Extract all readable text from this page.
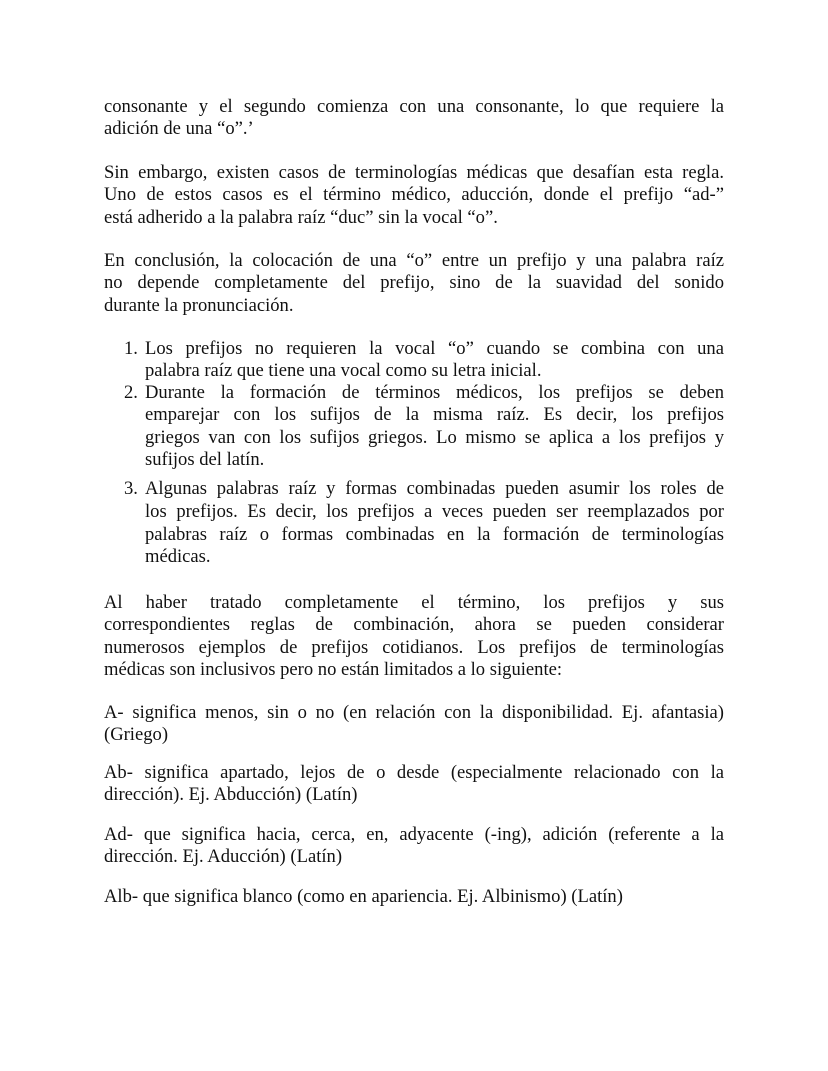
consonante y el segundo comienza con una consonante, lo que requiere la
adición de una “o”.’
Sin embargo, existen casos de terminologías médicas que desafían esta regla.
Uno de estos casos es el término médico, aducción, donde el prefijo “ad-”
está adherido a la palabra raíz “duc” sin la vocal “o”.
En conclusión, la colocación de una “o” entre un prefijo y una palabra raíz
no depende completamente del prefijo, sino de la suavidad del sonido
durante la pronunciación.
1. Los prefijos no requieren la vocal “o” cuando se combina con una
palabra raíz que tiene una vocal como su letra inicial.
2. Durante la formación de términos médicos, los prefijos se deben
emparejar con los sufijos de la misma raíz. Es decir, los prefijos
griegos van con los sufijos griegos. Lo mismo se aplica a los prefijos y
sufijos del latín.
3. Algunas palabras raíz y formas combinadas pueden asumir los roles de
los prefijos. Es decir, los prefijos a veces pueden ser reemplazados por
palabras raíz o formas combinadas en la formación de terminologías
médicas.
Al haber tratado completamente el término, los prefijos y sus
correspondientes reglas de combinación, ahora se pueden considerar
numerosos ejemplos de prefijos cotidianos. Los prefijos de terminologías
médicas son inclusivos pero no están limitados a lo siguiente:
A- significa menos, sin o no (en relación con la disponibilidad. Ej. afantasia)
(Griego)
Ab- significa apartado, lejos de o desde (especialmente relacionado con la
dirección). Ej. Abducción) (Latín)
Ad- que significa hacia, cerca, en, adyacente (-ing), adición (referente a la
dirección. Ej. Aducción) (Latín)
Alb- que significa blanco (como en apariencia. Ej. Albinismo) (Latín)
